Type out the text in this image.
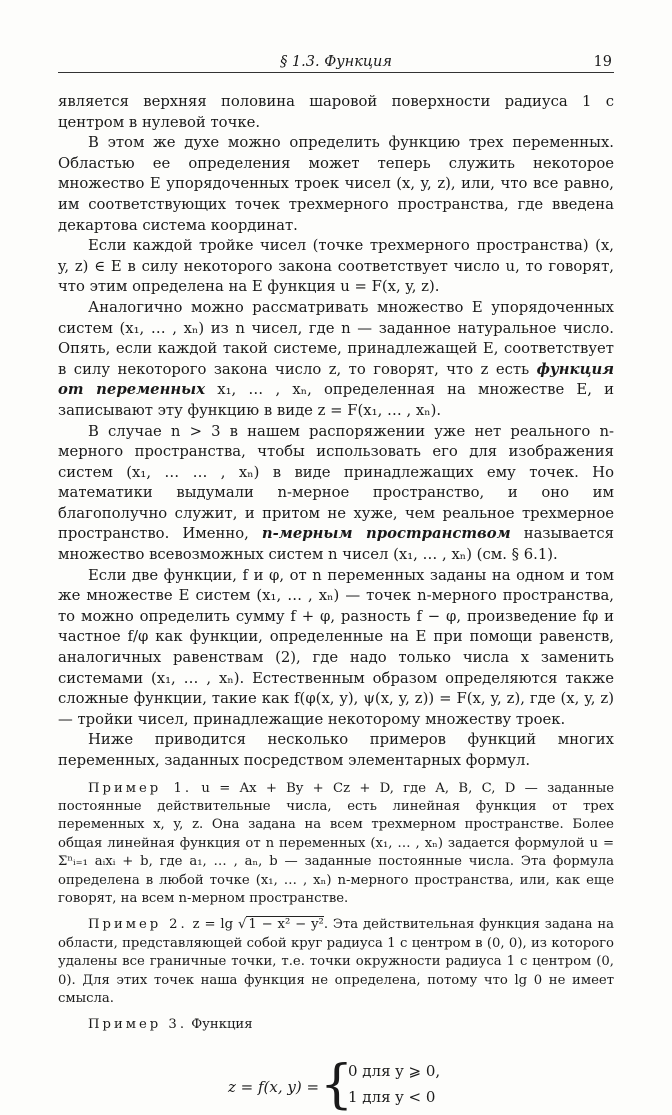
§ 1.3. Функция	19

является верхняя половина шаровой поверхности радиуса 1 с центром в нулевой точке.

В этом же духе можно определить функцию трех переменных. Областью ее определения может теперь служить некоторое множество E упорядоченных троек чисел (x, y, z), или, что все равно, им соответствующих точек трехмерного пространства, где введена декартова система координат.

Если каждой тройке чисел (точке трехмерного пространства) (x, y, z) ∈ E в силу некоторого закона соответствует число u, то говорят, что этим определена на E функция u = F(x, y, z).

Аналогично можно рассматривать множество E упорядоченных систем (x₁, … , xₙ) из n чисел, где n — заданное натуральное число. Опять, если каждой такой системе, принадлежащей E, соответствует в силу некоторого закона число z, то говорят, что z есть функция от переменных x₁, … , xₙ, определенная на множестве E, и записывают эту функцию в виде z = F(x₁, … , xₙ).

В случае n > 3 в нашем распоряжении уже нет реального n-мерного пространства, чтобы использовать его для изображения систем (x₁, … … , xₙ) в виде принадлежащих ему точек. Но математики выдумали n-мерное пространство, и оно им благополучно служит, и притом не хуже, чем реальное трехмерное пространство. Именно, n-мерным пространством называется множество всевозможных систем n чисел (x₁, … , xₙ) (см. § 6.1).

Если две функции, f и φ, от n переменных заданы на одном и том же множестве E систем (x₁, … , xₙ) — точек n-мерного пространства, то можно определить сумму f + φ, разность f − φ, произведение fφ и частное f/φ как функции, определенные на E при помощи равенств, аналогичных равенствам (2), где надо только числа x заменить системами (x₁, … , xₙ). Естественным образом определяются также сложные функции, такие как f(φ(x, y), ψ(x, y, z)) = F(x, y, z), где (x, y, z) — тройки чисел, принадлежащие некоторому множеству троек.

Ниже приводится несколько примеров функций многих переменных, заданных посредством элементарных формул.

Пример 1. u = Ax + By + Cz + D, где A, B, C, D — заданные постоянные действительные числа, есть линейная функция от трех переменных x, y, z. Она задана на всем трехмерном пространстве. Более общая линейная функция от n переменных (x₁, … , xₙ) задается формулой u = Σⁿᵢ₌₁ aᵢxᵢ + b, где a₁, … , aₙ, b — заданные постоянные числа. Эта формула определена в любой точке (x₁, … , xₙ) n-мерного пространства, или, как еще говорят, на всем n-мерном пространстве.

Пример 2. z = lg √ 1 − x² − y². Эта действительная функция задана на области, представляющей собой круг радиуса 1 с центром в (0, 0), из которого удалены все граничные точки, т.е. точки окружности радиуса 1 с центром (0, 0). Для этих точек наша функция не определена, потому что lg 0 не имеет смысла.

Пример 3. Функция

z = f(x, y) = {
0 для y ⩾ 0,
1 для y < 0
